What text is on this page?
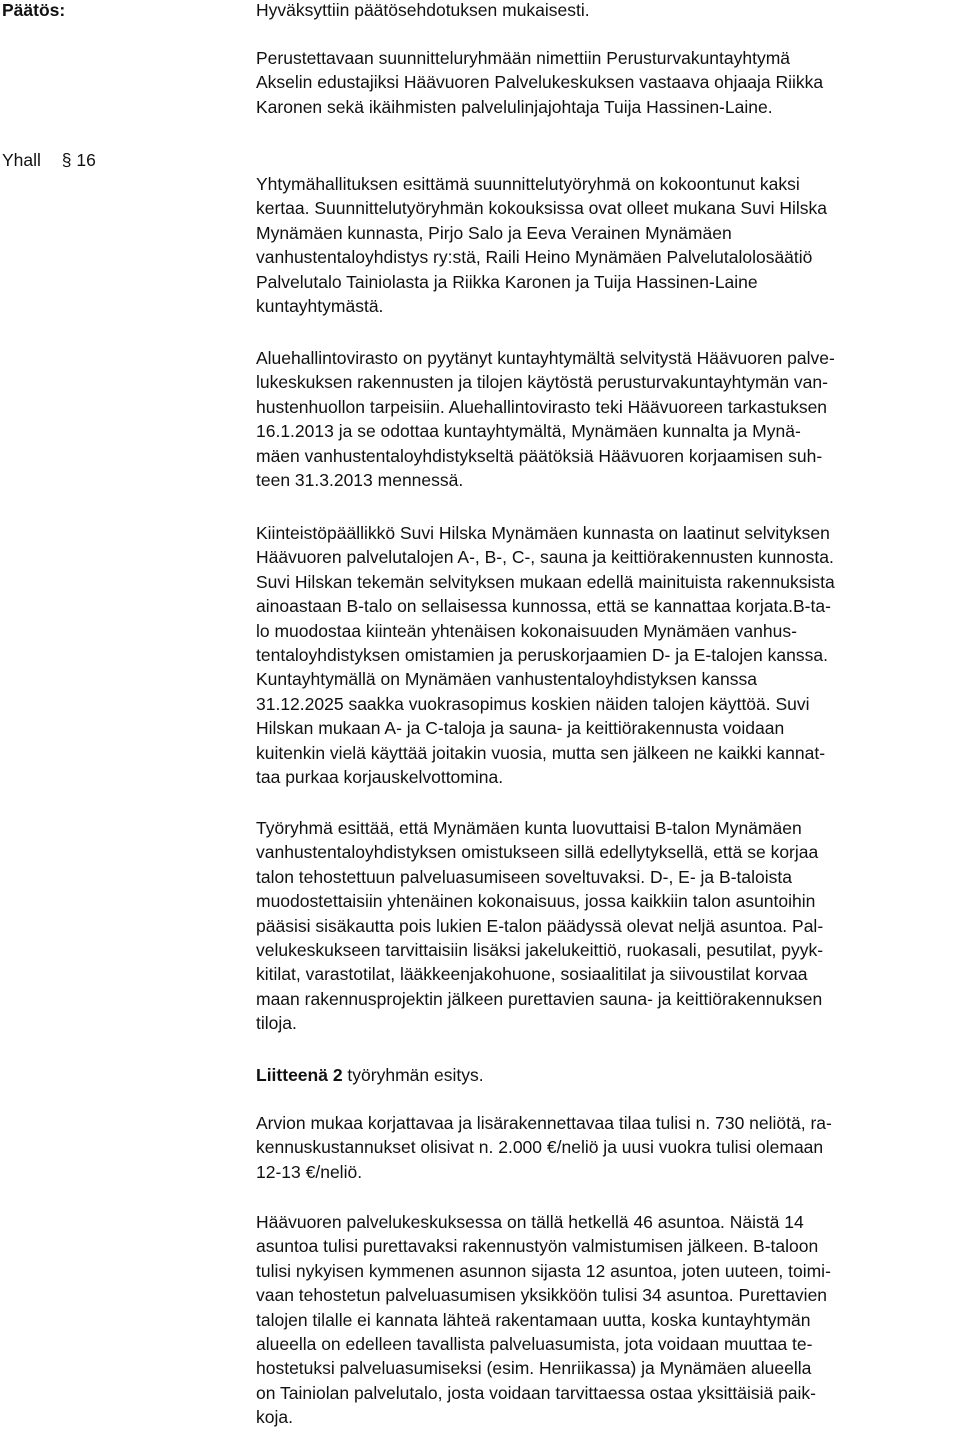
Päätös:
Yhall § 16
Hyväksyttiin päätösehdotuksen mukaisesti.
Perustettavaan suunnitteluryhmään nimettiin Perusturvakuntayhtymä
Akselin edustajiksi Häävuoren Palvelukeskuksen vastaava ohjaaja Riikka
Karonen sekä ikäihmisten palvelulinjajohtaja Tuija Hassinen-Laine.
Yhtymähallituksen esittämä suunnittelutyöryhmä on kokoontunut kaksi
kertaa. Suunnittelutyöryhmän kokouksissa ovat olleet mukana Suvi Hilska
Mynämäen kunnasta, Pirjo Salo ja Eeva Verainen Mynämäen
vanhustentaloyhdistys ry:stä, Raili Heino Mynämäen Palvelutalolosäätiö
Palvelutalo Tainiolasta ja Riikka Karonen ja Tuija Hassinen-Laine
kuntayhtymästä.
Aluehallintovirasto on pyytänyt kuntayhtymältä selvitystä Häävuoren palve-
lukeskuksen rakennusten ja tilojen käytöstä perusturvakuntayhtymän van-
hustenhuollon tarpeisiin. Aluehallintovirasto teki Häävuoreen tarkastuksen
16.1.2013 ja se odottaa kuntayhtymältä, Mynämäen kunnalta ja Mynä-
mäen vanhustentaloyhdistykseltä päätöksiä Häävuoren korjaamisen suh-
teen 31.3.2013 mennessä.
Kiinteistöpäällikkö Suvi Hilska Mynämäen kunnasta on laatinut selvityksen
Häävuoren palvelutalojen A-, B-, C-, sauna ja keittiörakennusten kunnosta.
Suvi Hilskan tekemän selvityksen mukaan edellä mainituista rakennuksista
ainoastaan B-talo on sellaisessa kunnossa, että se kannattaa korjata.B-ta-
lo muodostaa kiinteän yhtenäisen kokonaisuuden Mynämäen vanhus-
tentaloyhdistyksen omistamien ja peruskorjaamien D- ja E-talojen kanssa.
Kuntayhtymällä on Mynämäen vanhustentaloyhdistyksen kanssa
31.12.2025 saakka vuokrasopimus koskien näiden talojen käyttöä. Suvi
Hilskan mukaan A- ja C-taloja ja sauna- ja keittiörakennusta voidaan
kuitenkin vielä käyttää joitakin vuosia, mutta sen jälkeen ne kaikki kannat-
taa purkaa korjauskelvottomina.
Työryhmä esittää, että Mynämäen kunta luovuttaisi B-talon Mynämäen
vanhustentaloyhdistyksen omistukseen sillä edellytyksellä, että se korjaa
talon tehostettuun palveluasumiseen soveltuvaksi. D-, E- ja B-taloista
muodostettaisiin yhtenäinen kokonaisuus, jossa kaikkiin talon asuntoihin
pääsisi sisäkautta pois lukien E-talon päädyssä olevat neljä asuntoa. Pal-
velukeskukseen tarvittaisiin lisäksi jakelukeittiö, ruokasali, pesutilat, pyyk-
kitilat, varastotilat, lääkkeenjakohuone, sosiaalitilat ja siivoustilat korvaa
maan rakennusprojektin jälkeen purettavien sauna- ja keittiörakennuksen
tiloja.
Liitteenä 2 työryhmän esitys.
Arvion mukaa korjattavaa ja lisärakennettavaa tilaa tulisi n. 730 neliötä, ra-
kennuskustannukset olisivat n. 2.000 €/neliö ja uusi vuokra tulisi olemaan
12-13 €/neliö.
Häävuoren palvelukeskuksessa on tällä hetkellä 46 asuntoa. Näistä 14
asuntoa tulisi purettavaksi rakennustyön valmistumisen jälkeen. B-taloon
tulisi nykyisen kymmenen asunnon sijasta 12 asuntoa, joten uuteen, toimi-
vaan tehostetun palveluasumisen yksikköön tulisi 34 asuntoa. Purettavien
talojen tilalle ei kannata lähteä rakentamaan uutta, koska kuntayhtymän
alueella on edelleen tavallista palveluasumista, jota voidaan muuttaa te-
hostetuksi palveluasumiseksi (esim. Henriikassa) ja Mynämäen alueella
on Tainiolan palvelutalo, josta voidaan tarvittaessa ostaa yksittäisiä paik-
koja.
